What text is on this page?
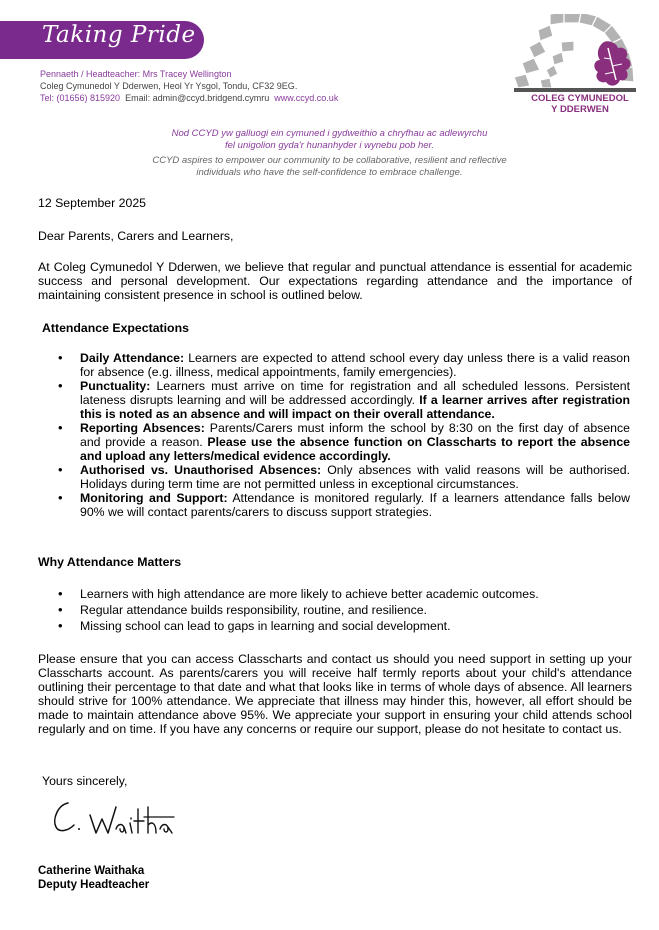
Taking Pride
Pennaeth / Headteacher: Mrs Tracey Wellington
Coleg Cymunedol Y Dderwen, Heol Yr Ysgol, Tondu, CF32 9EG.
Tel: (01656) 815920 Email: admin@ccyd.bridgend.cymru www.ccyd.co.uk	COLEG CYMUNEDOL
Y DDERWEN
Nod CCYD yw galluogi ein cymuned i gydweithio a chryfhau ac adlewyrchu
fel unigolion gyda'r hunanhyder i wynebu pob her.
CCYD aspires to empower our community to be collaborative, resilient and reflective
individuals who have the self-confidence to embrace challenge.
12 September 2025
Dear Parents, Carers and Learners,
At Coleg Cymunedol Y Dderwen, we believe that regular and punctual attendance is essential for academic success and personal development. Our expectations regarding attendance and the importance of maintaining consistent presence in school is outlined below.
Attendance Expectations
• Daily Attendance: Learners are expected to attend school every day unless there is a valid reason for absence (e.g. illness, medical appointments, family emergencies).
• Punctuality: Learners must arrive on time for registration and all scheduled lessons. Persistent lateness disrupts learning and will be addressed accordingly. If a learner arrives after registration this is noted as an absence and will impact on their overall attendance.
• Reporting Absences: Parents/Carers must inform the school by 8:30 on the first day of absence and provide a reason. Please use the absence function on Classcharts to report the absence and upload any letters/medical evidence accordingly.
• Authorised vs. Unauthorised Absences: Only absences with valid reasons will be authorised. Holidays during term time are not permitted unless in exceptional circumstances.
• Monitoring and Support: Attendance is monitored regularly. If a learners attendance falls below 90% we will contact parents/carers to discuss support strategies.
Why Attendance Matters
• Learners with high attendance are more likely to achieve better academic outcomes.
• Regular attendance builds responsibility, routine, and resilience.
• Missing school can lead to gaps in learning and social development.
Please ensure that you can access Classcharts and contact us should you need support in setting up your Classcharts account. As parents/carers you will receive half termly reports about your child's attendance outlining their percentage to that date and what that looks like in terms of whole days of absence. All learners should strive for 100% attendance. We appreciate that illness may hinder this, however, all effort should be made to maintain attendance above 95%. We appreciate your support in ensuring your child attends school regularly and on time. If you have any concerns or require our support, please do not hesitate to contact us.
Yours sincerely,
Catherine Waithaka
Deputy Headteacher
